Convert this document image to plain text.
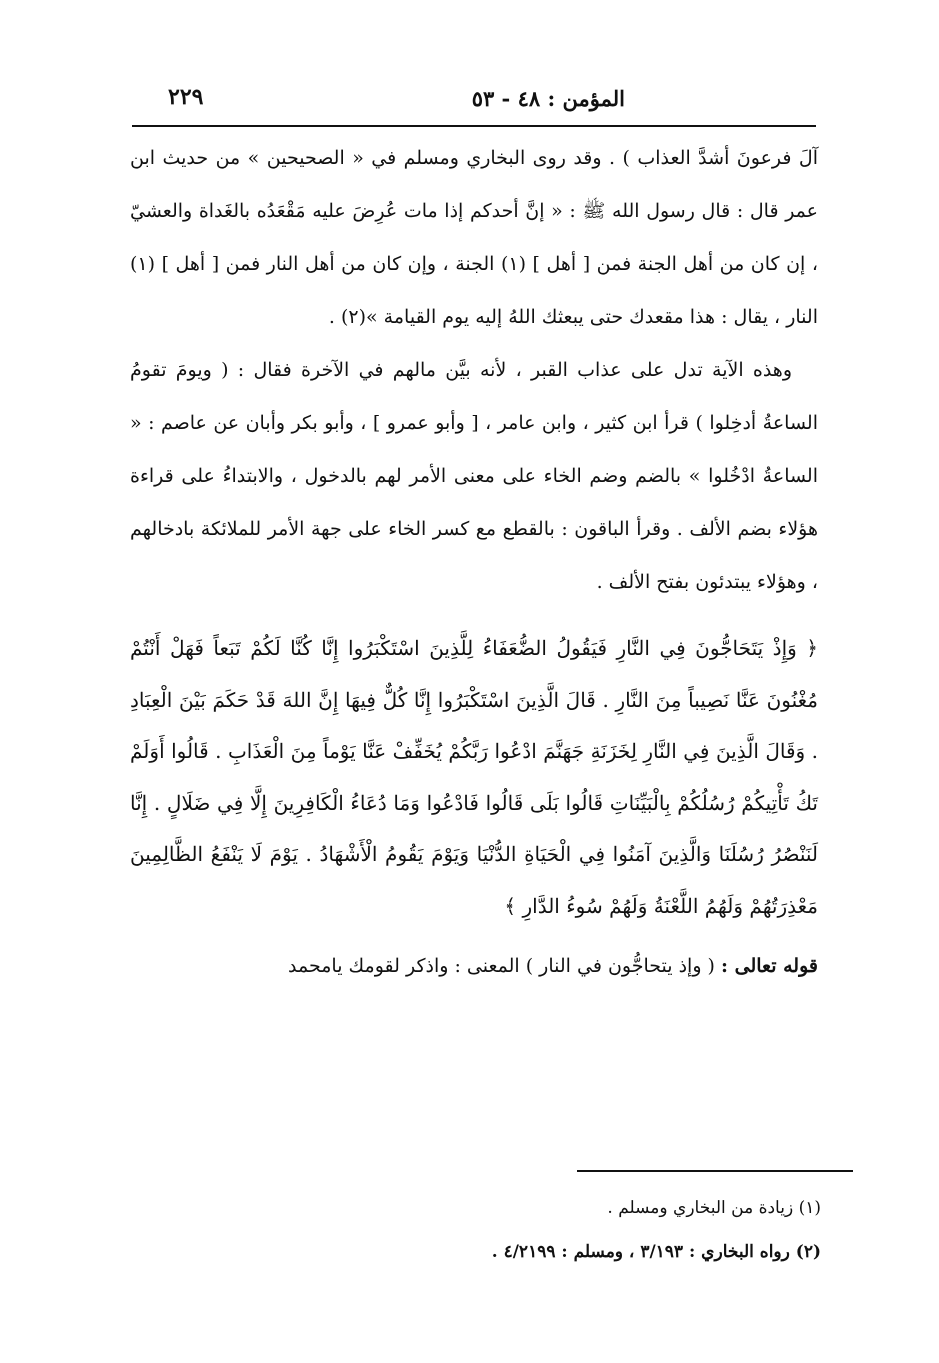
المؤمن : ٤٨ - ٥٣
٢٢٩

آلَ فرعونَ أشدَّ العذاب ) . وقد روى البخاري ومسلم في « الصحيحين » من حديث ابن عمر قال : قال رسول الله ﷺ : « إنَّ أحدكم إذا مات عُرِضَ عليه مَقْعَدُه بالغَداة والعشيّ ، إن كان من أهل الجنة فمن [ أهل ] (١) الجنة ، وإن كان من أهل النار فمن [ أهل ] (١) النار ، يقال : هذا مقعدك حتى يبعثك اللهُ إليه يوم القيامة »(٢) .

وهذه الآية تدل على عذاب القبر ، لأنه بيَّن مالهم في الآخرة فقال : ( ويومَ تقومُ الساعةُ أدخِلوا ) قرأ ابن كثير ، وابن عامر ، [ وأبو عمرو ] ، وأبو بكر وأبان عن عاصم : « الساعةُ ادْخُلوا » بالضم وضم الخاء على معنى الأمر لهم بالدخول ، والابتداءُ على قراءة هؤلاء بضم الألف . وقرأ الباقون : بالقطع مع كسر الخاء على جهة الأمر للملائكة بادخالهم ، وهؤلاء يبتدئون بفتح الألف .

﴿ وَإِذْ يَتَحَاجُّونَ فِي النَّارِ فَيَقُولُ الضُّعَفَاءُ لِلَّذِينَ اسْتَكْبَرُوا إِنَّا كُنَّا لَكُمْ تَبَعاً فَهَلْ أَنْتُمْ مُغْنُونَ عَنَّا نَصِيباً مِنَ النَّارِ . قَالَ الَّذِينَ اسْتَكْبَرُوا إِنَّا كُلٌّ فِيهَا إِنَّ اللهَ قَدْ حَكَمَ بَيْنَ الْعِبَادِ . وَقَالَ الَّذِينَ فِي النَّارِ لِخَزَنَةِ جَهَنَّمَ ادْعُوا رَبَّكُمْ يُخَفِّفْ عَنَّا يَوْماً مِنَ الْعَذَابِ . قَالُوا أَوَلَمْ تَكُ تَأْتِيكُمْ رُسُلُكُمْ بِالْبَيِّنَاتِ قَالُوا بَلَى قَالُوا فَادْعُوا وَمَا دُعَاءُ الْكَافِرِينَ إِلَّا فِي ضَلَالٍ . إِنَّا لَنَنْصُرُ رُسُلَنَا وَالَّذِينَ آمَنُوا فِي الْحَيَاةِ الدُّنْيَا وَيَوْمَ يَقُومُ الْأَشْهَادُ . يَوْمَ لَا يَنْفَعُ الظَّالِمِينَ مَعْذِرَتُهُمْ وَلَهُمُ اللَّعْنَةُ وَلَهُمْ سُوءُ الدَّارِ ﴾

قوله تعالى : ( وإذ يتحاجُّون في النار ) المعنى : واذكر لقومك يامحمد

(١) زيادة من البخاري ومسلم .

(٢) رواه البخاري : ٣/١٩٣ ، ومسلم : ٤/٢١٩٩ .
